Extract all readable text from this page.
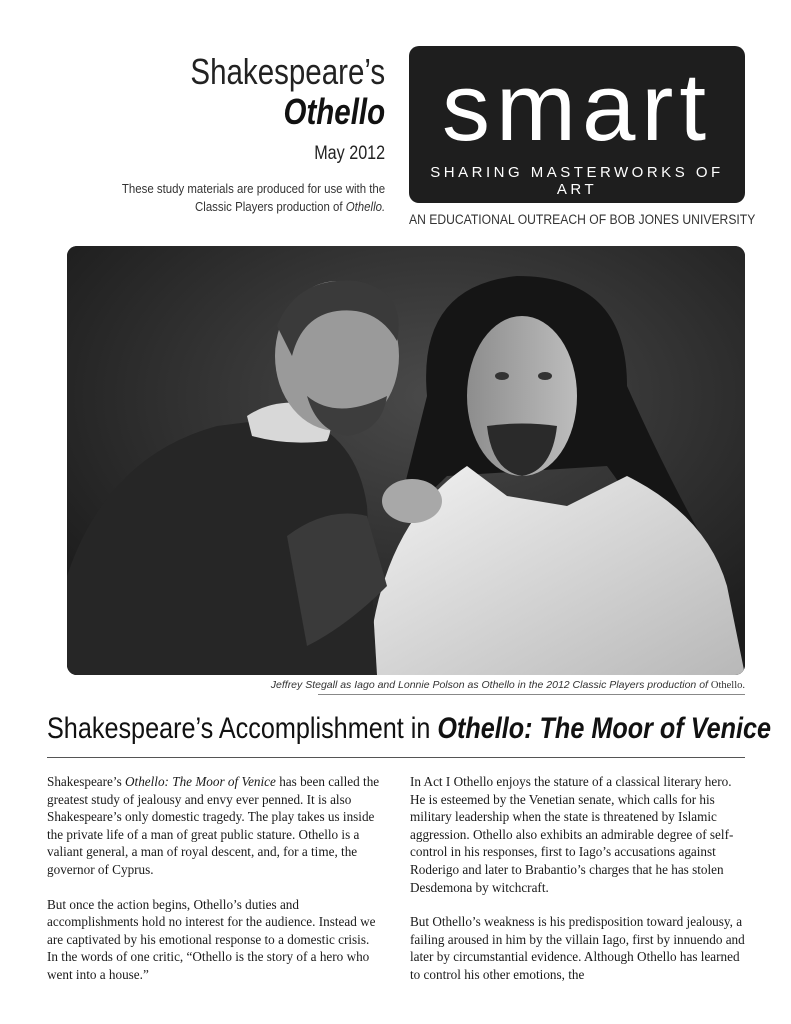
Shakespeare’s
Othello
May 2012
These study materials are produced for use with the
Classic Players production of Othello.
smart
SHARING MASTERWORKS OF ART
AN EDUCATIONAL OUTREACH OF BOB JONES UNIVERSITY
Jeffrey Stegall as Iago and Lonnie Polson as Othello in the 2012 Classic Players production of Othello.
Shakespeare’s Accomplishment in Othello: The Moor of Venice

Shakespeare’s Othello: The Moor of Venice has been called the greatest study of jealousy and envy ever penned. It is also Shakespeare’s only domestic tragedy. The play takes us inside the private life of a man of great public stature. Othello is a valiant general, a man of royal descent, and, for a time, the governor of Cyprus.

But once the action begins, Othello’s duties and accomplishments hold no interest for the audience. Instead we are captivated by his emotional response to a domestic crisis. In the words of one critic, “Othello is the story of a hero who went into a house.”

In Act I Othello enjoys the stature of a classical literary hero. He is esteemed by the Venetian senate, which calls for his military leadership when the state is threatened by Islamic aggression. Othello also exhibits an admirable degree of self-control in his responses, first to Iago’s accusations against Roderigo and later to Brabantio’s charges that he has stolen Desdemona by witchcraft.

But Othello’s weakness is his predisposition toward jealousy, a failing aroused in him by the villain Iago, first by innuendo and later by circumstantial evidence. Although Othello has learned to control his other emotions, the
